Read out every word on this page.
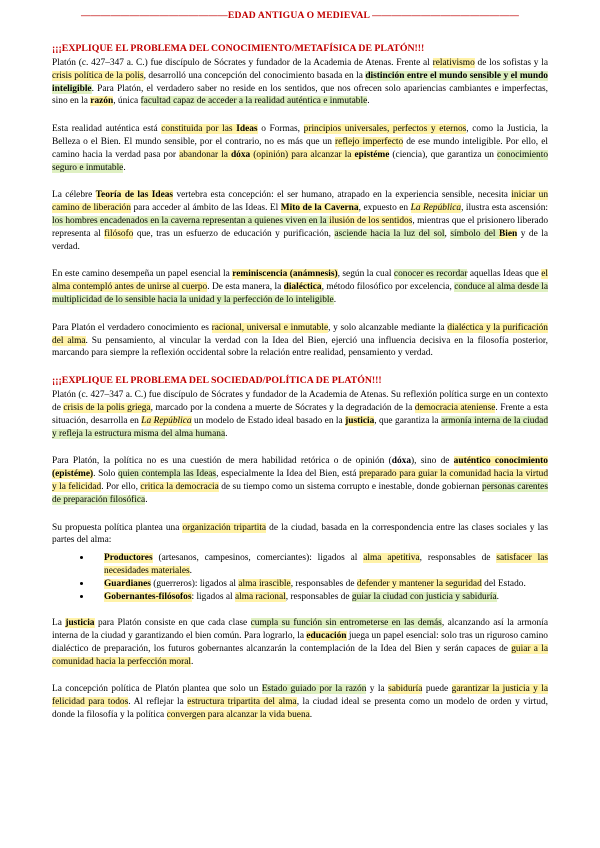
———————————————EDAD ANTIGUA O MEDIEVAL ———————————————
¡¡¡EXPLIQUE EL PROBLEMA DEL CONOCIMIENTO/METAFÍSICA DE PLATÓN!!!

Platón (c. 427–347 a. C.) fue discípulo de Sócrates y fundador de la Academia de Atenas. Frente al relativismo de los sofistas y la crisis política de la polis, desarrolló una concepción del conocimiento basada en la distinción entre el mundo sensible y el mundo inteligible. Para Platón, el verdadero saber no reside en los sentidos, que nos ofrecen solo apariencias cambiantes e imperfectas, sino en la razón, única facultad capaz de acceder a la realidad auténtica e inmutable.

Esta realidad auténtica está constituida por las Ideas o Formas, principios universales, perfectos y eternos, como la Justicia, la Belleza o el Bien. El mundo sensible, por el contrario, no es más que un reflejo imperfecto de ese mundo inteligible. Por ello, el camino hacia la verdad pasa por abandonar la dóxa (opinión) para alcanzar la epistéme (ciencia), que garantiza un conocimiento seguro e inmutable.

La célebre Teoría de las Ideas vertebra esta concepción: el ser humano, atrapado en la experiencia sensible, necesita iniciar un camino de liberación para acceder al ámbito de las Ideas. El Mito de la Caverna, expuesto en La República, ilustra esta ascensión: los hombres encadenados en la caverna representan a quienes viven en la ilusión de los sentidos, mientras que el prisionero liberado representa al filósofo que, tras un esfuerzo de educación y purificación, asciende hacia la luz del sol, símbolo del Bien y de la verdad.

En este camino desempeña un papel esencial la reminiscencia (anámnesis), según la cual conocer es recordar aquellas Ideas que el alma contempló antes de unirse al cuerpo. De esta manera, la dialéctica, método filosófico por excelencia, conduce al alma desde la multiplicidad de lo sensible hacia la unidad y la perfección de lo inteligible.

Para Platón el verdadero conocimiento es racional, universal e inmutable, y solo alcanzable mediante la dialéctica y la purificación del alma. Su pensamiento, al vincular la verdad con la Idea del Bien, ejerció una influencia decisiva en la filosofía posterior, marcando para siempre la reflexión occidental sobre la relación entre realidad, pensamiento y verdad.

¡¡¡EXPLIQUE EL PROBLEMA DEL SOCIEDAD/POLÍTICA DE PLATÓN!!!

Platón (c. 427–347 a. C.) fue discípulo de Sócrates y fundador de la Academia de Atenas. Su reflexión política surge en un contexto de crisis de la polis griega, marcado por la condena a muerte de Sócrates y la degradación de la democracia ateniense. Frente a esta situación, desarrolla en La República un modelo de Estado ideal basado en la justicia, que garantiza la armonía interna de la ciudad y refleja la estructura misma del alma humana.

Para Platón, la política no es una cuestión de mera habilidad retórica o de opinión (dóxa), sino de auténtico conocimiento (epistéme). Solo quien contempla las Ideas, especialmente la Idea del Bien, está preparado para guiar la comunidad hacia la virtud y la felicidad. Por ello, critica la democracia de su tiempo como un sistema corrupto e inestable, donde gobiernan personas carentes de preparación filosófica.

Su propuesta política plantea una organización tripartita de la ciudad, basada en la correspondencia entre las clases sociales y las partes del alma:

• Productores (artesanos, campesinos, comerciantes): ligados al alma apetitiva, responsables de satisfacer las necesidades materiales.
• Guardianes (guerreros): ligados al alma irascible, responsables de defender y mantener la seguridad del Estado.
• Gobernantes-filósofos: ligados al alma racional, responsables de guiar la ciudad con justicia y sabiduría.

La justicia para Platón consiste en que cada clase cumpla su función sin entrometerse en las demás, alcanzando así la armonía interna de la ciudad y garantizando el bien común. Para lograrlo, la educación juega un papel esencial: solo tras un riguroso camino dialéctico de preparación, los futuros gobernantes alcanzarán la contemplación de la Idea del Bien y serán capaces de guiar a la comunidad hacia la perfección moral.

La concepción política de Platón plantea que solo un Estado guiado por la razón y la sabiduría puede garantizar la justicia y la felicidad para todos. Al reflejar la estructura tripartita del alma, la ciudad ideal se presenta como un modelo de orden y virtud, donde la filosofía y la política convergen para alcanzar la vida buena.
